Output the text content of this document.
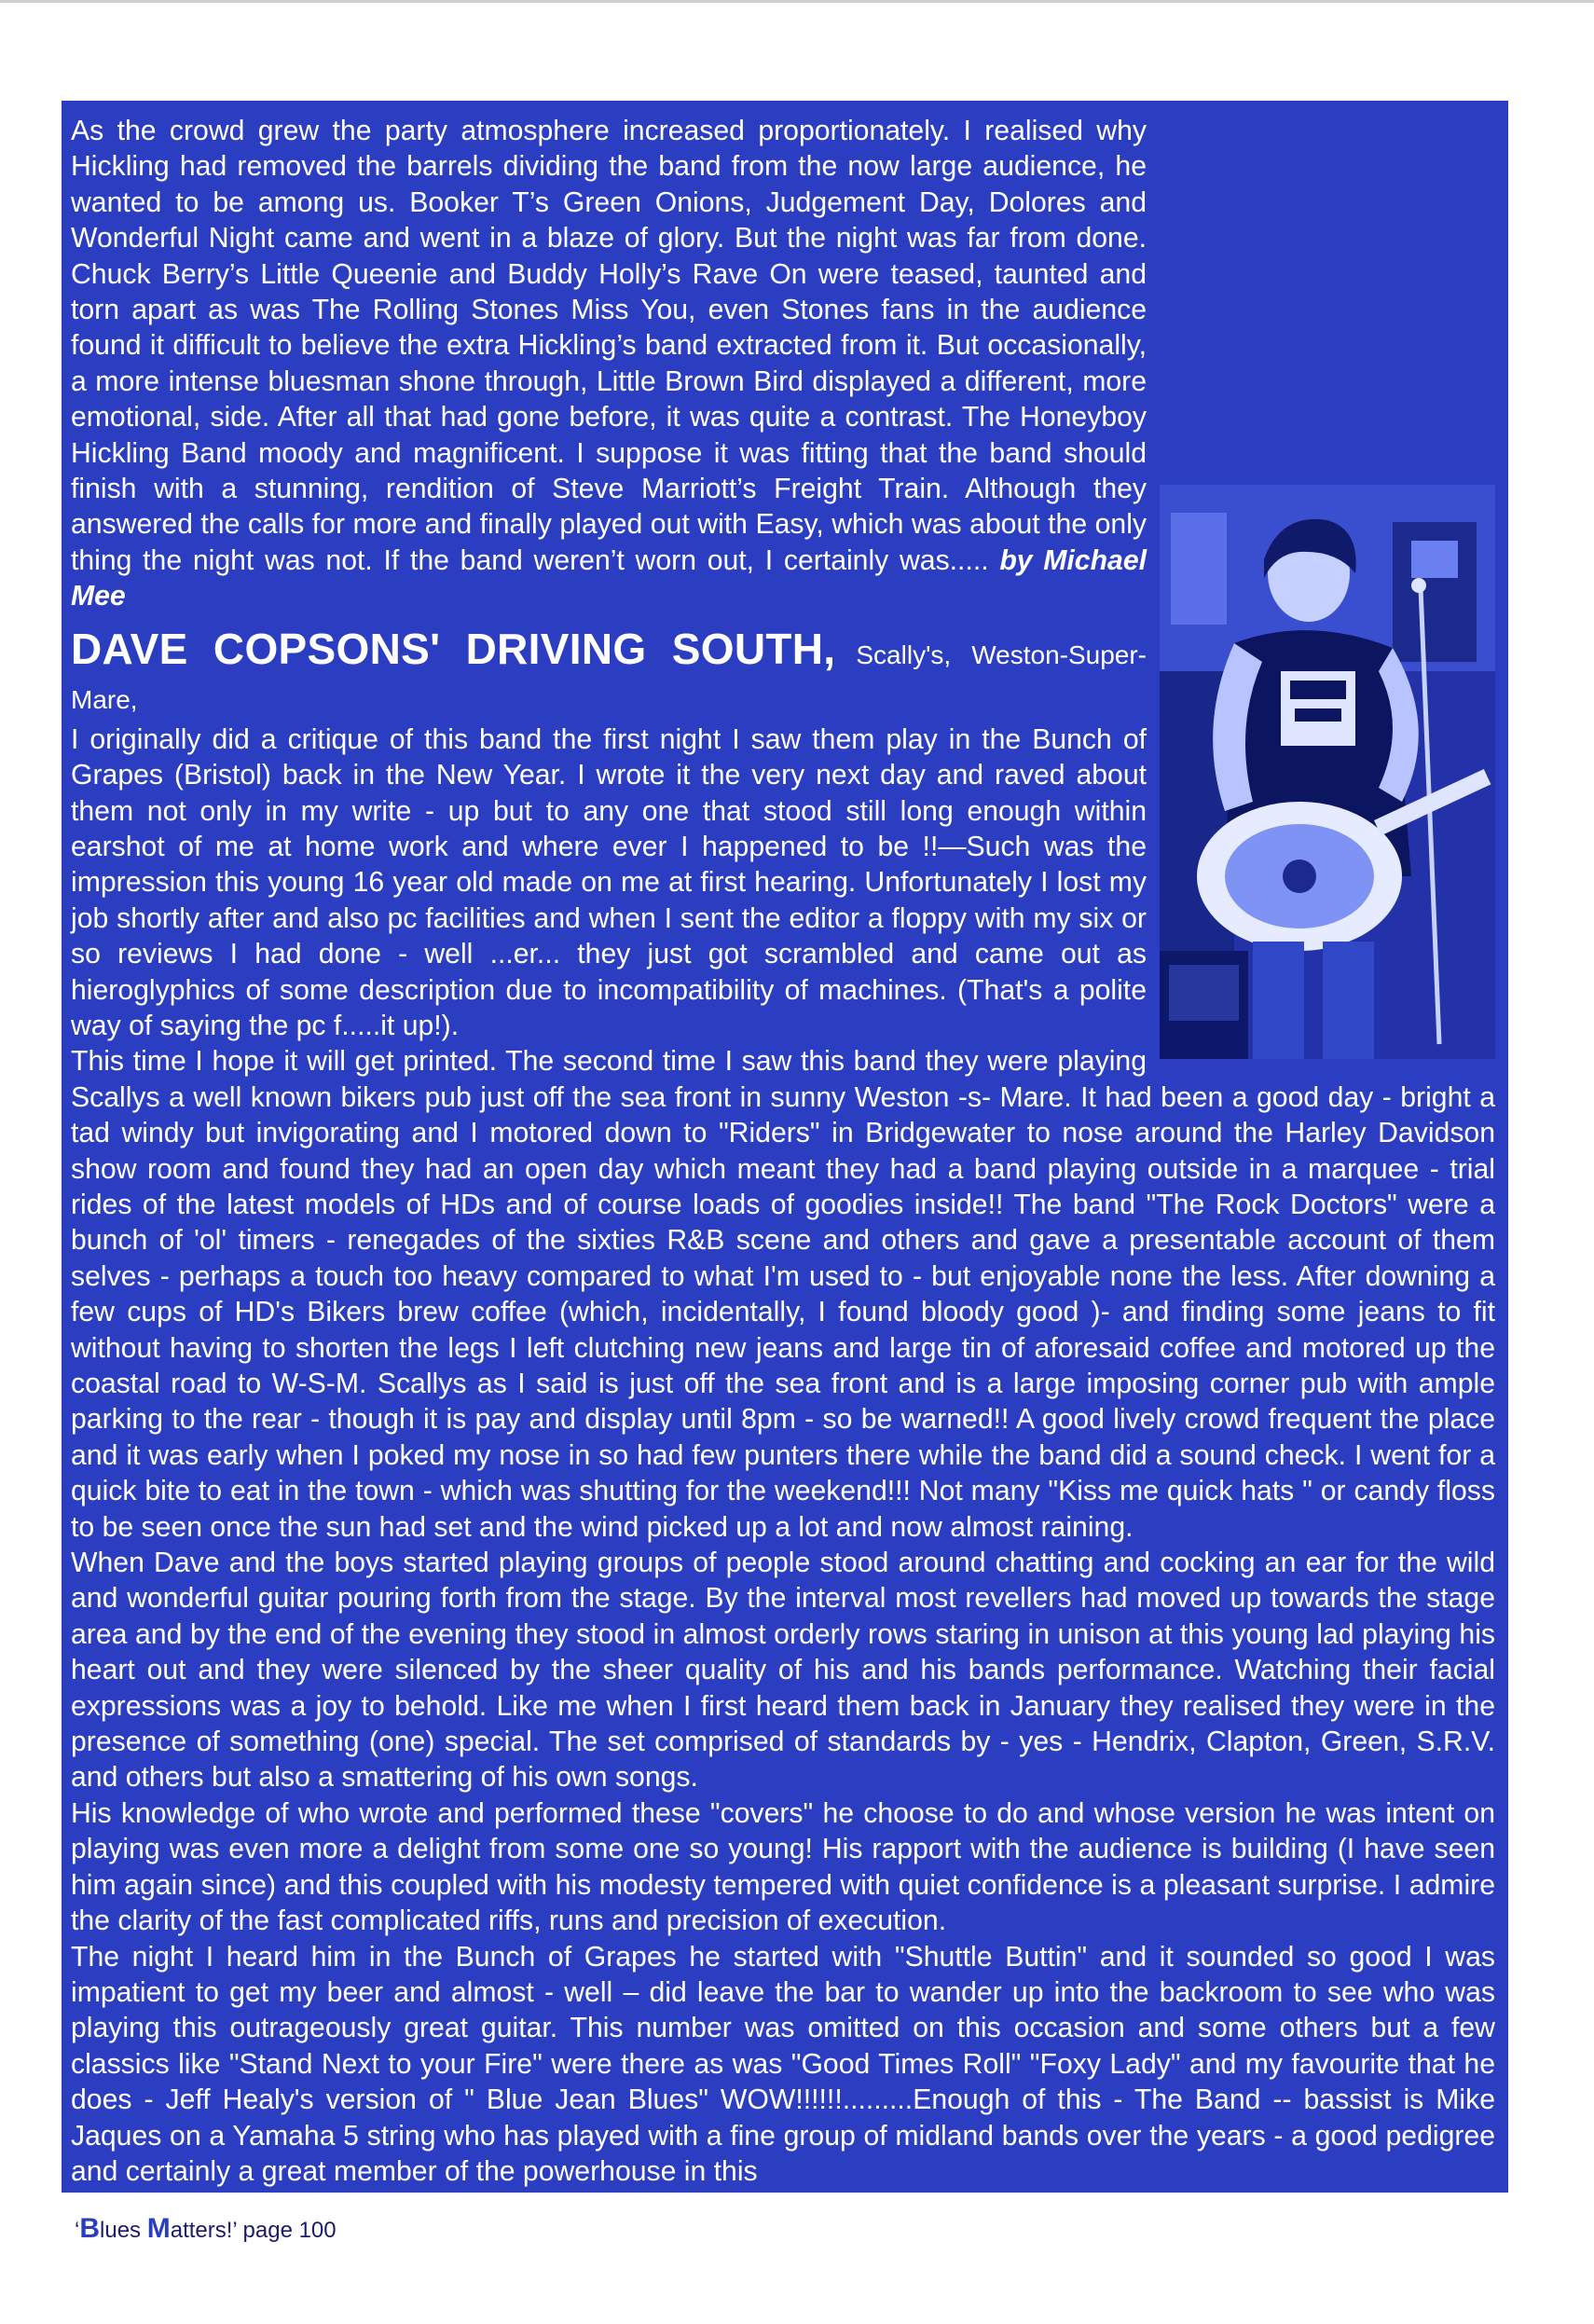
As the crowd grew the party atmosphere increased proportionately. I realised why Hickling had removed the barrels dividing the band from the now large audience, he wanted to be among us. Booker T’s Green Onions, Judgement Day, Dolores and Wonderful Night came and went in a blaze of glory. But the night was far from done. Chuck Berry’s Little Queenie and Buddy Holly’s Rave On were teased, taunted and torn apart as was The Rolling Stones Miss You, even Stones fans in the audience found it difficult to believe the extra Hickling’s band extracted from it. But occasionally, a more intense bluesman shone through, Little Brown Bird displayed a different, more emotional, side. After all that had gone before, it was quite a contrast. The Honeyboy Hickling Band moody and magnificent. I suppose it was fitting that the band should finish with a stunning, rendition of Steve Marriott’s Freight Train. Although they answered the calls for more and finally played out with Easy, which was about the only thing the night was not. If the band weren’t worn out, I certainly was..... by Michael Mee

DAVE COPSONS' DRIVING SOUTH, Scally's, Weston-Super-Mare,

I originally did a critique of this band the first night I saw them play in the Bunch of Grapes (Bristol) back in the New Year. I wrote it the very next day and raved about them not only in my write - up but to any one that stood still long enough within earshot of me at home work and where ever I happened to be !!—Such was the impression this young 16 year old made on me at first hearing. Unfortunately I lost my job shortly after and also pc facilities and when I sent the editor a floppy with my six or so reviews I had done - well ...er... they just got scrambled and came out as hieroglyphics of some description due to incompatibility of machines. (That's a polite way of saying the pc f.....it up!).

This time I hope it will get printed. The second time I saw this band they were playing Scallys a well known bikers pub just off the sea front in sunny Weston -s- Mare. It had been a good day - bright a tad windy but invigorating and I motored down to "Riders" in Bridgewater to nose around the Harley Davidson show room and found they had an open day which meant they had a band playing outside in a marquee - trial rides of the latest models of HDs and of course loads of goodies inside!! The band "The Rock Doctors" were a bunch of 'ol' timers - renegades of the sixties R&B scene and others and gave a presentable account of them selves - perhaps a touch too heavy compared to what I'm used to - but enjoyable none the less. After downing a few cups of HD's Bikers brew coffee (which, incidentally, I found bloody good )- and finding some jeans to fit without having to shorten the legs I left clutching new jeans and large tin of aforesaid coffee and motored up the coastal road to W-S-M. Scallys as I said is just off the sea front and is a large imposing corner pub with ample parking to the rear - though it is pay and display until 8pm - so be warned!! A good lively crowd frequent the place and it was early when I poked my nose in so had few punters there while the band did a sound check. I went for a quick bite to eat in the town - which was shutting for the weekend!!! Not many "Kiss me quick hats " or candy floss to be seen once the sun had set and the wind picked up a lot and now almost raining.

When Dave and the boys started playing groups of people stood around chatting and cocking an ear for the wild and wonderful guitar pouring forth from the stage. By the interval most revellers had moved up towards the stage area and by the end of the evening they stood in almost orderly rows staring in unison at this young lad playing his heart out and they were silenced by the sheer quality of his and his bands performance. Watching their facial expressions was a joy to behold. Like me when I first heard them back in January they realised they were in the presence of something (one) special. The set comprised of standards by - yes - Hendrix, Clapton, Green, S.R.V. and others but also a smattering of his own songs.

His knowledge of who wrote and performed these "covers" he choose to do and whose version he was intent on playing was even more a delight from some one so young! His rapport with the audience is building (I have seen him again since) and this coupled with his modesty tempered with quiet confidence is a pleasant surprise. I admire the clarity of the fast complicated riffs, runs and precision of execution.

The night I heard him in the Bunch of Grapes he started with "Shuttle Buttin" and it sounded so good I was impatient to get my beer and almost - well – did leave the bar to wander up into the backroom to see who was playing this outrageously great guitar. This number was omitted on this occasion and some others but a few classics like "Stand Next to your Fire" were there as was "Good Times Roll" "Foxy Lady" and my favourite that he does - Jeff Healy's version of " Blue Jean Blues" WOW!!!!!!.........Enough of this - The Band -- bassist is Mike Jaques on a Yamaha 5 string who has played with a fine group of midland bands over the years - a good pedigree and certainly a great member of the powerhouse in this

‘Blues Matters!’ page 100
